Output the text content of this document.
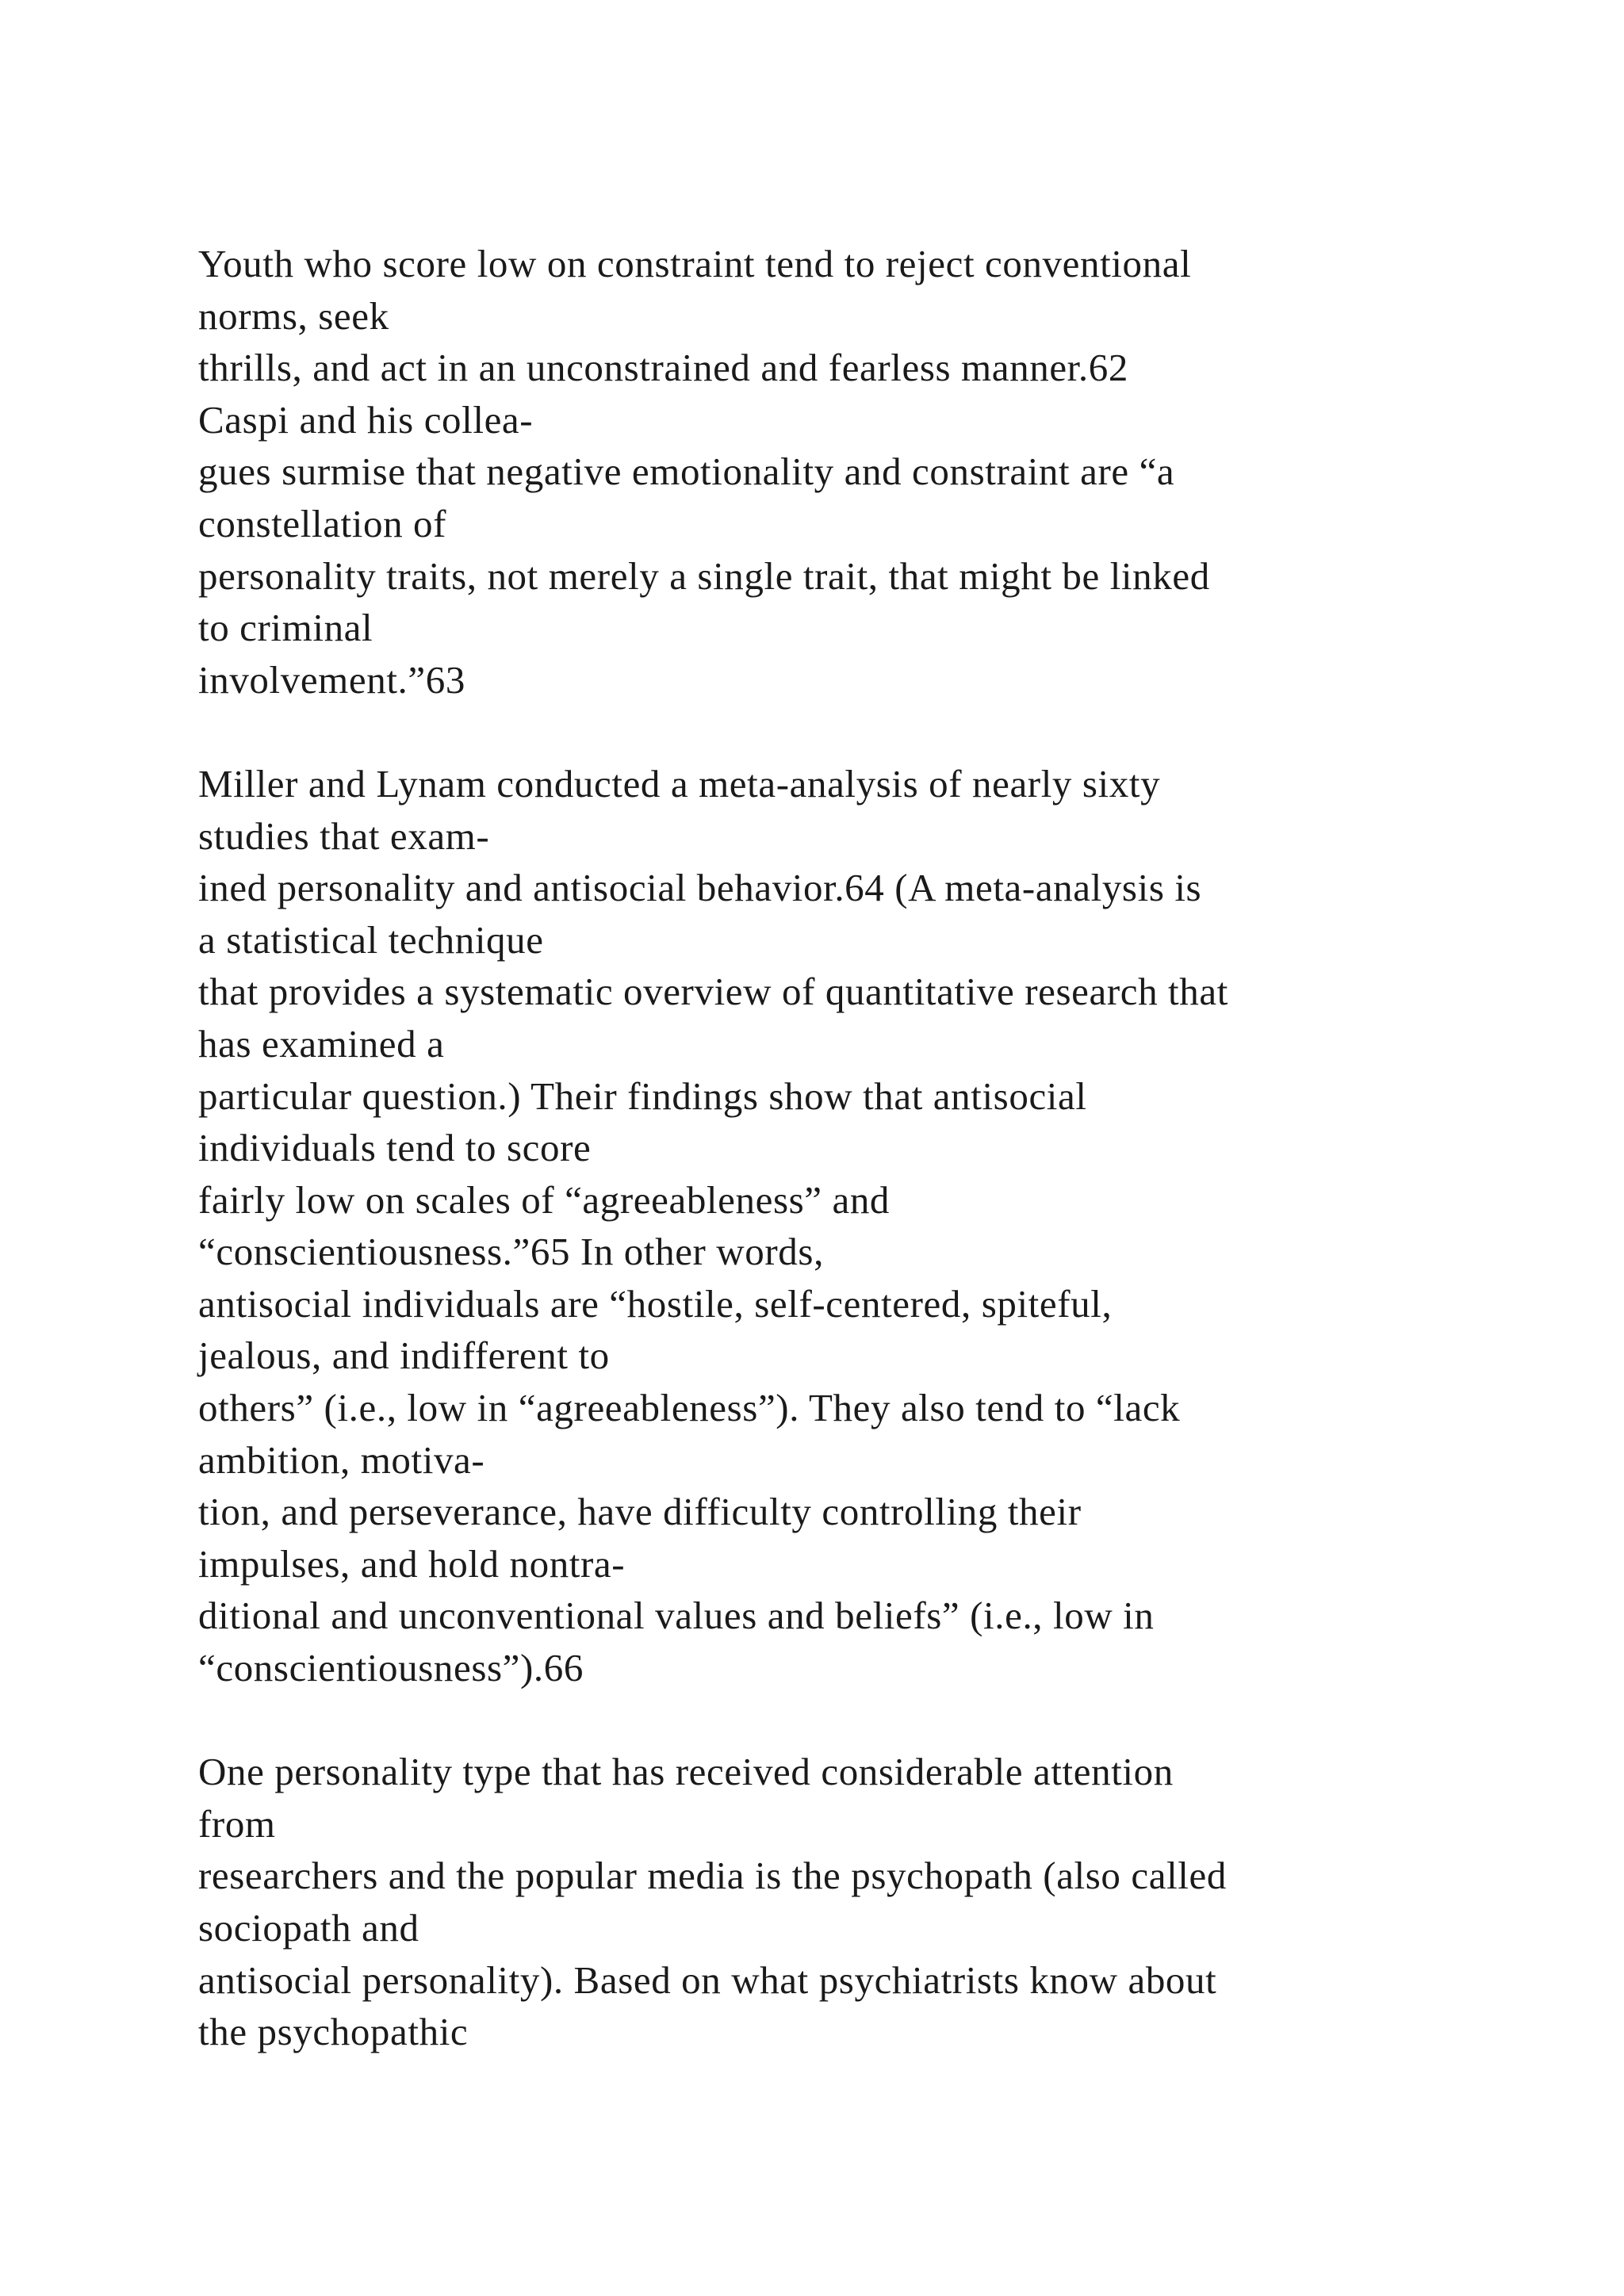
Youth who score low on constraint tend to reject conventional
norms, seek
thrills, and act in an unconstrained and fearless manner.62
Caspi and his collea-
gues surmise that negative emotionality and constraint are “a
constellation of
personality traits, not merely a single trait, that might be linked
to criminal
involvement.”63

Miller and Lynam conducted a meta-analysis of nearly sixty
studies that exam-
ined personality and antisocial behavior.64 (A meta-analysis is
a statistical technique
that provides a systematic overview of quantitative research that
has examined a
particular question.) Their findings show that antisocial
individuals tend to score
fairly low on scales of “agreeableness” and
“conscientiousness.”65 In other words,
antisocial individuals are “hostile, self-centered, spiteful,
jealous, and indifferent to
others” (i.e., low in “agreeableness”). They also tend to “lack
ambition, motiva-
tion, and perseverance, have difficulty controlling their
impulses, and hold nontra-
ditional and unconventional values and beliefs” (i.e., low in
“conscientiousness”).66

One personality type that has received considerable attention
from
researchers and the popular media is the psychopath (also called
sociopath and
antisocial personality). Based on what psychiatrists know about
the psychopathic
